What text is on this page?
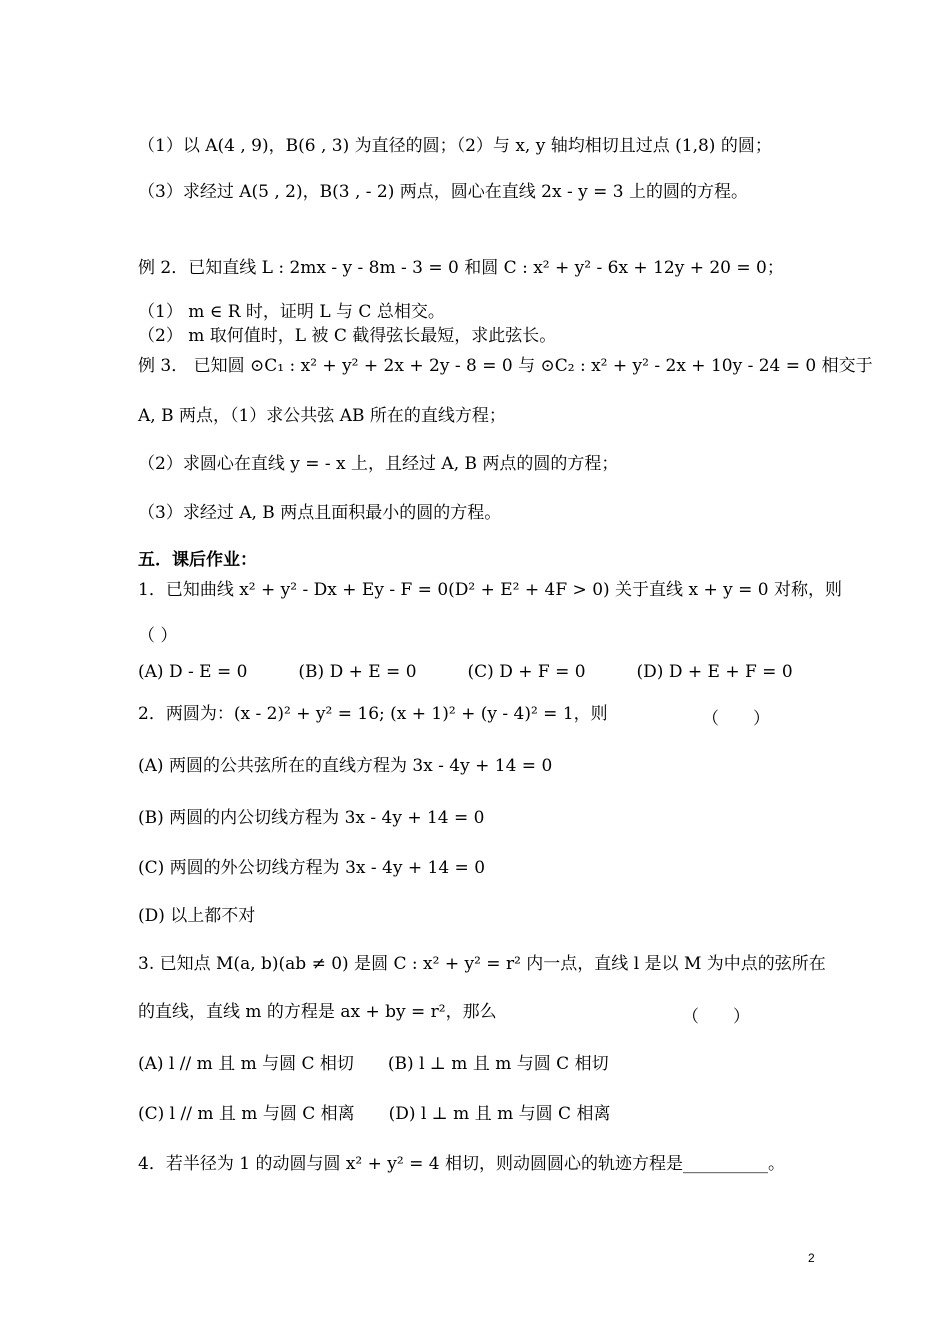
（1）以 A(4 , 9)，B(6 , 3) 为直径的圆；（2）与 x, y 轴均相切且过点 (1,8) 的圆；
（3）求经过 A(5 , 2)，B(3 , - 2) 两点，圆心在直线 2x - y = 3 上的圆的方程。
例 2．已知直线 L : 2mx - y - 8m - 3 = 0 和圆 C : x² + y² - 6x + 12y + 20 = 0；
（1） m ∈ R 时，证明 L 与 C 总相交。
（2） m 取何值时，L 被 C 截得弦长最短，求此弦长。
例 3． 已知圆 ⊙C₁ : x² + y² + 2x + 2y - 8 = 0 与 ⊙C₂ : x² + y² - 2x + 10y - 24 = 0 相交于
A, B 两点，（1）求公共弦 AB 所在的直线方程；
（2）求圆心在直线 y = - x 上，且经过 A, B 两点的圆的方程；
（3）求经过 A, B 两点且面积最小的圆的方程。
五．课后作业：
1．已知曲线 x² + y² - Dx + Ey - F = 0(D² + E² + 4F > 0) 关于直线 x + y = 0 对称，则
（ ）
(A) D - E = 0　　　(B) D + E = 0　　　(C) D + F = 0　　　(D) D + E + F = 0
2．两圆为：(x - 2)² + y² = 16; (x + 1)² + (y - 4)² = 1，则	（　　）
(A) 两圆的公共弦所在的直线方程为 3x - 4y + 14 = 0
(B) 两圆的内公切线方程为 3x - 4y + 14 = 0
(C) 两圆的外公切线方程为 3x - 4y + 14 = 0
(D) 以上都不对
3. 已知点 M(a, b)(ab ≠ 0) 是圆 C : x² + y² = r² 内一点，直线 l 是以 M 为中点的弦所在
的直线，直线 m 的方程是 ax + by = r²，那么	（　　）
(A) l // m 且 m 与圆 C 相切　　(B) l ⊥ m 且 m 与圆 C 相切
(C) l // m 且 m 与圆 C 相离　　(D) l ⊥ m 且 m 与圆 C 相离
4．若半径为 1 的动圆与圆 x² + y² = 4 相切，则动圆圆心的轨迹方程是__________。
2
